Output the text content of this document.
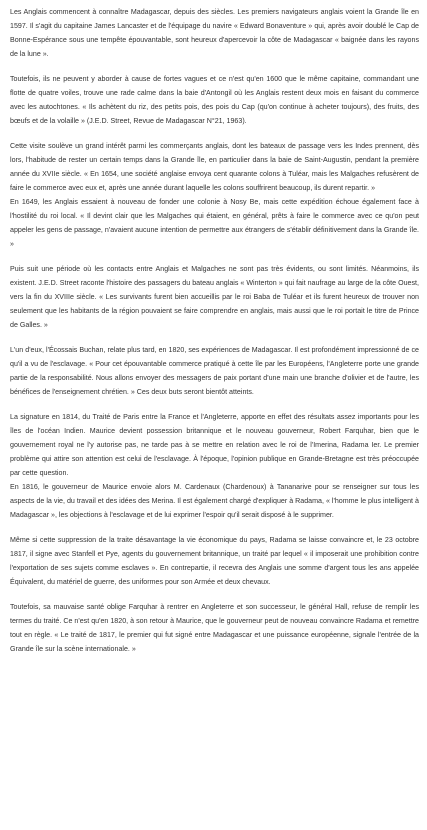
Les Anglais commencent à connaître Madagascar, depuis des siècles. Les premiers navigateurs anglais voient la Grande île en 1597. Il s'agit du capitaine James Lancaster et de l'équipage du navire « Edward Bonaventure » qui, après avoir doublé le Cap de Bonne-Espérance sous une tempête épouvantable, sont heureux d'apercevoir la côte de Madagascar « baignée dans les rayons de la lune ».

Toutefois, ils ne peuvent y aborder à cause de fortes vagues et ce n'est qu'en 1600 que le même capitaine, commandant une flotte de quatre voiles, trouve une rade calme dans la baie d'Antongil où les Anglais restent deux mois en faisant du commerce avec les autochtones. « Ils achètent du riz, des petits pois, des pois du Cap (qu'on continue à acheter toujours), des fruits, des bœufs et de la volaille » (J.E.D. Street, Revue de Madagascar N°21, 1963).

Cette visite soulève un grand intérêt parmi les commerçants anglais, dont les bateaux de passage vers les Indes prennent, dès lors, l'habitude de rester un certain temps dans la Grande île, en particulier dans la baie de Saint-Augustin, pendant la première année du XVIIe siècle. « En 1654, une société anglaise envoya cent quarante colons à Tuléar, mais les Malgaches refusèrent de faire le commerce avec eux et, après une année durant laquelle les colons souffrirent beaucoup, ils durent repartir. »

En 1649, les Anglais essaient à nouveau de fonder une colonie à Nosy Be, mais cette expédition échoue également face à l'hostilité du roi local. « Il devint clair que les Malgaches qui étaient, en général, prêts à faire le commerce avec ce qu'on peut appeler les gens de passage, n'avaient aucune intention de permettre aux étrangers de s'établir définitivement dans la Grande île. »

Puis suit une période où les contacts entre Anglais et Malgaches ne sont pas très évidents, ou sont limités. Néanmoins, ils existent. J.E.D. Street raconte l'histoire des passagers du bateau anglais « Winterton » qui fait naufrage au large de la côte Ouest, vers la fin du XVIIIe siècle. « Les survivants furent bien accueillis par le roi Baba de Tuléar et ils furent heureux de trouver non seulement que les habitants de la région pouvaient se faire comprendre en anglais, mais aussi que le roi portait le titre de Prince de Galles. »

L'un d'eux, l'Écossais Buchan, relate plus tard, en 1820, ses expériences de Madagascar. Il est profondément impressionné de ce qu'il a vu de l'esclavage. « Pour cet épouvantable commerce pratiqué à cette île par les Européens, l'Angleterre porte une grande partie de la responsabilité. Nous allons envoyer des messagers de paix portant d'une main une branche d'olivier et de l'autre, les bénéfices de l'enseignement chrétien. » Ces deux buts seront bientôt atteints.

La signature en 1814, du Traité de Paris entre la France et l'Angleterre, apporte en effet des résultats assez importants pour les îles de l'océan Indien. Maurice devient possession britannique et le nouveau gouverneur, Robert Farquhar, bien que le gouvernement royal ne l'y autorise pas, ne tarde pas à se mettre en relation avec le roi de l'Imerina, Radama Ier. Le premier problème qui attire son attention est celui de l'esclavage. À l'époque, l'opinion publique en Grande-Bretagne est très préoccupée par cette question.

En 1816, le gouverneur de Maurice envoie alors M. Cardenaux (Chardenoux) à Tananarive pour se renseigner sur tous les aspects de la vie, du travail et des idées des Merina. Il est également chargé d'expliquer à Radama, « l'homme le plus intelligent à Madagascar », les objections à l'esclavage et de lui exprimer l'espoir qu'il serait disposé à le supprimer.

Même si cette suppression de la traite désavantage la vie économique du pays, Radama se laisse convaincre et, le 23 octobre 1817, il signe avec Stanfell et Pye, agents du gouvernement britannique, un traité par lequel « il imposerait une prohibition contre l'exportation de ses sujets comme esclaves ». En contrepartie, il recevra des Anglais une somme d'argent tous les ans appelée Équivalent, du matériel de guerre, des uniformes pour son Armée et deux chevaux.

Toutefois, sa mauvaise santé oblige Farquhar à rentrer en Angleterre et son successeur, le général Hall, refuse de remplir les termes du traité. Ce n'est qu'en 1820, à son retour à Maurice, que le gouverneur peut de nouveau convaincre Radama et remettre tout en règle. « Le traité de 1817, le premier qui fut signé entre Madagascar et une puissance européenne, signale l'entrée de la Grande île sur la scène internationale. »
